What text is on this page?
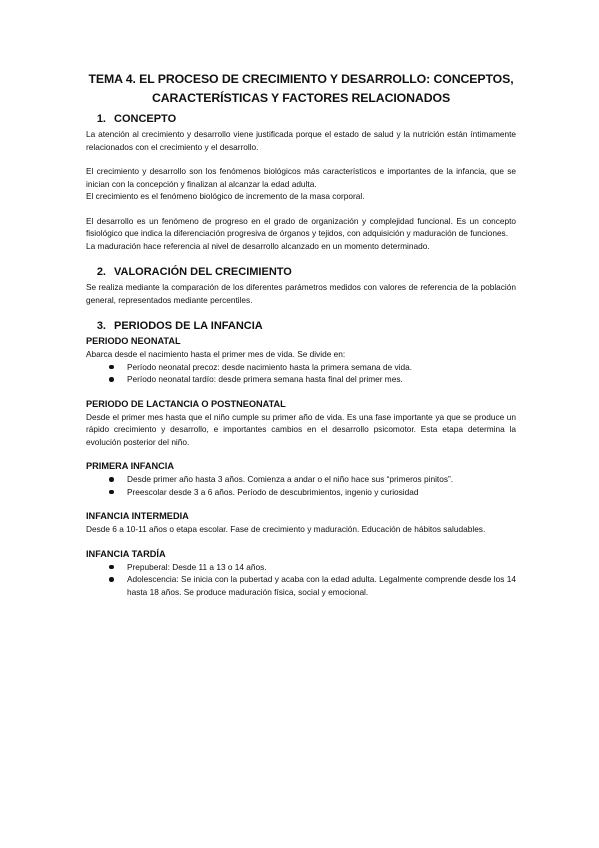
TEMA 4. EL PROCESO DE CRECIMIENTO Y DESARROLLO: CONCEPTOS, CARACTERÍSTICAS Y FACTORES RELACIONADOS
1. CONCEPTO

La atención al crecimiento y desarrollo viene justificada porque el estado de salud y la nutrición están íntimamente relacionados con el crecimiento y el desarrollo.

El crecimiento y desarrollo son los fenómenos biológicos más característicos e importantes de la infancia, que se inician con la concepción y finalizan al alcanzar la edad adulta.

El crecimiento es el fenómeno biológico de incremento de la masa corporal.

El desarrollo es un fenómeno de progreso en el grado de organización y complejidad funcional. Es un concepto fisiológico que indica la diferenciación progresiva de órganos y tejidos, con adquisición y maduración de funciones.

La maduración hace referencia al nivel de desarrollo alcanzado en un momento determinado.

2. VALORACIÓN DEL CRECIMIENTO

Se realiza mediante la comparación de los diferentes parámetros medidos con valores de referencia de la población general, representados mediante percentiles.

3. PERIODOS DE LA INFANCIA
PERIODO NEONATAL

Abarca desde el nacimiento hasta el primer mes de vida. Se divide en:

Período neonatal precoz: desde nacimiento hasta la primera semana de vida.
Período neonatal tardío: desde primera semana hasta final del primer mes.
PERIODO DE LACTANCIA O POSTNEONATAL

Desde el primer mes hasta que el niño cumple su primer año de vida. Es una fase importante ya que se produce un rápido crecimiento y desarrollo, e importantes cambios en el desarrollo psicomotor. Esta etapa determina la evolución posterior del niño.

PRIMERA INFANCIA
Desde primer año hasta 3 años. Comienza a andar o el niño hace sus “primeros pinitos”.
Preescolar desde 3 a 6 años. Período de descubrimientos, ingenio y curiosidad
INFANCIA INTERMEDIA

Desde 6 a 10-11 años o etapa escolar. Fase de crecimiento y maduración. Educación de hábitos saludables.

INFANCIA TARDÍA
Prepuberal: Desde 11 a 13 o 14 años.
Adolescencia: Se inicia con la pubertad y acaba con la edad adulta. Legalmente comprende desde los 14 hasta 18 años. Se produce maduración física, social y emocional.
